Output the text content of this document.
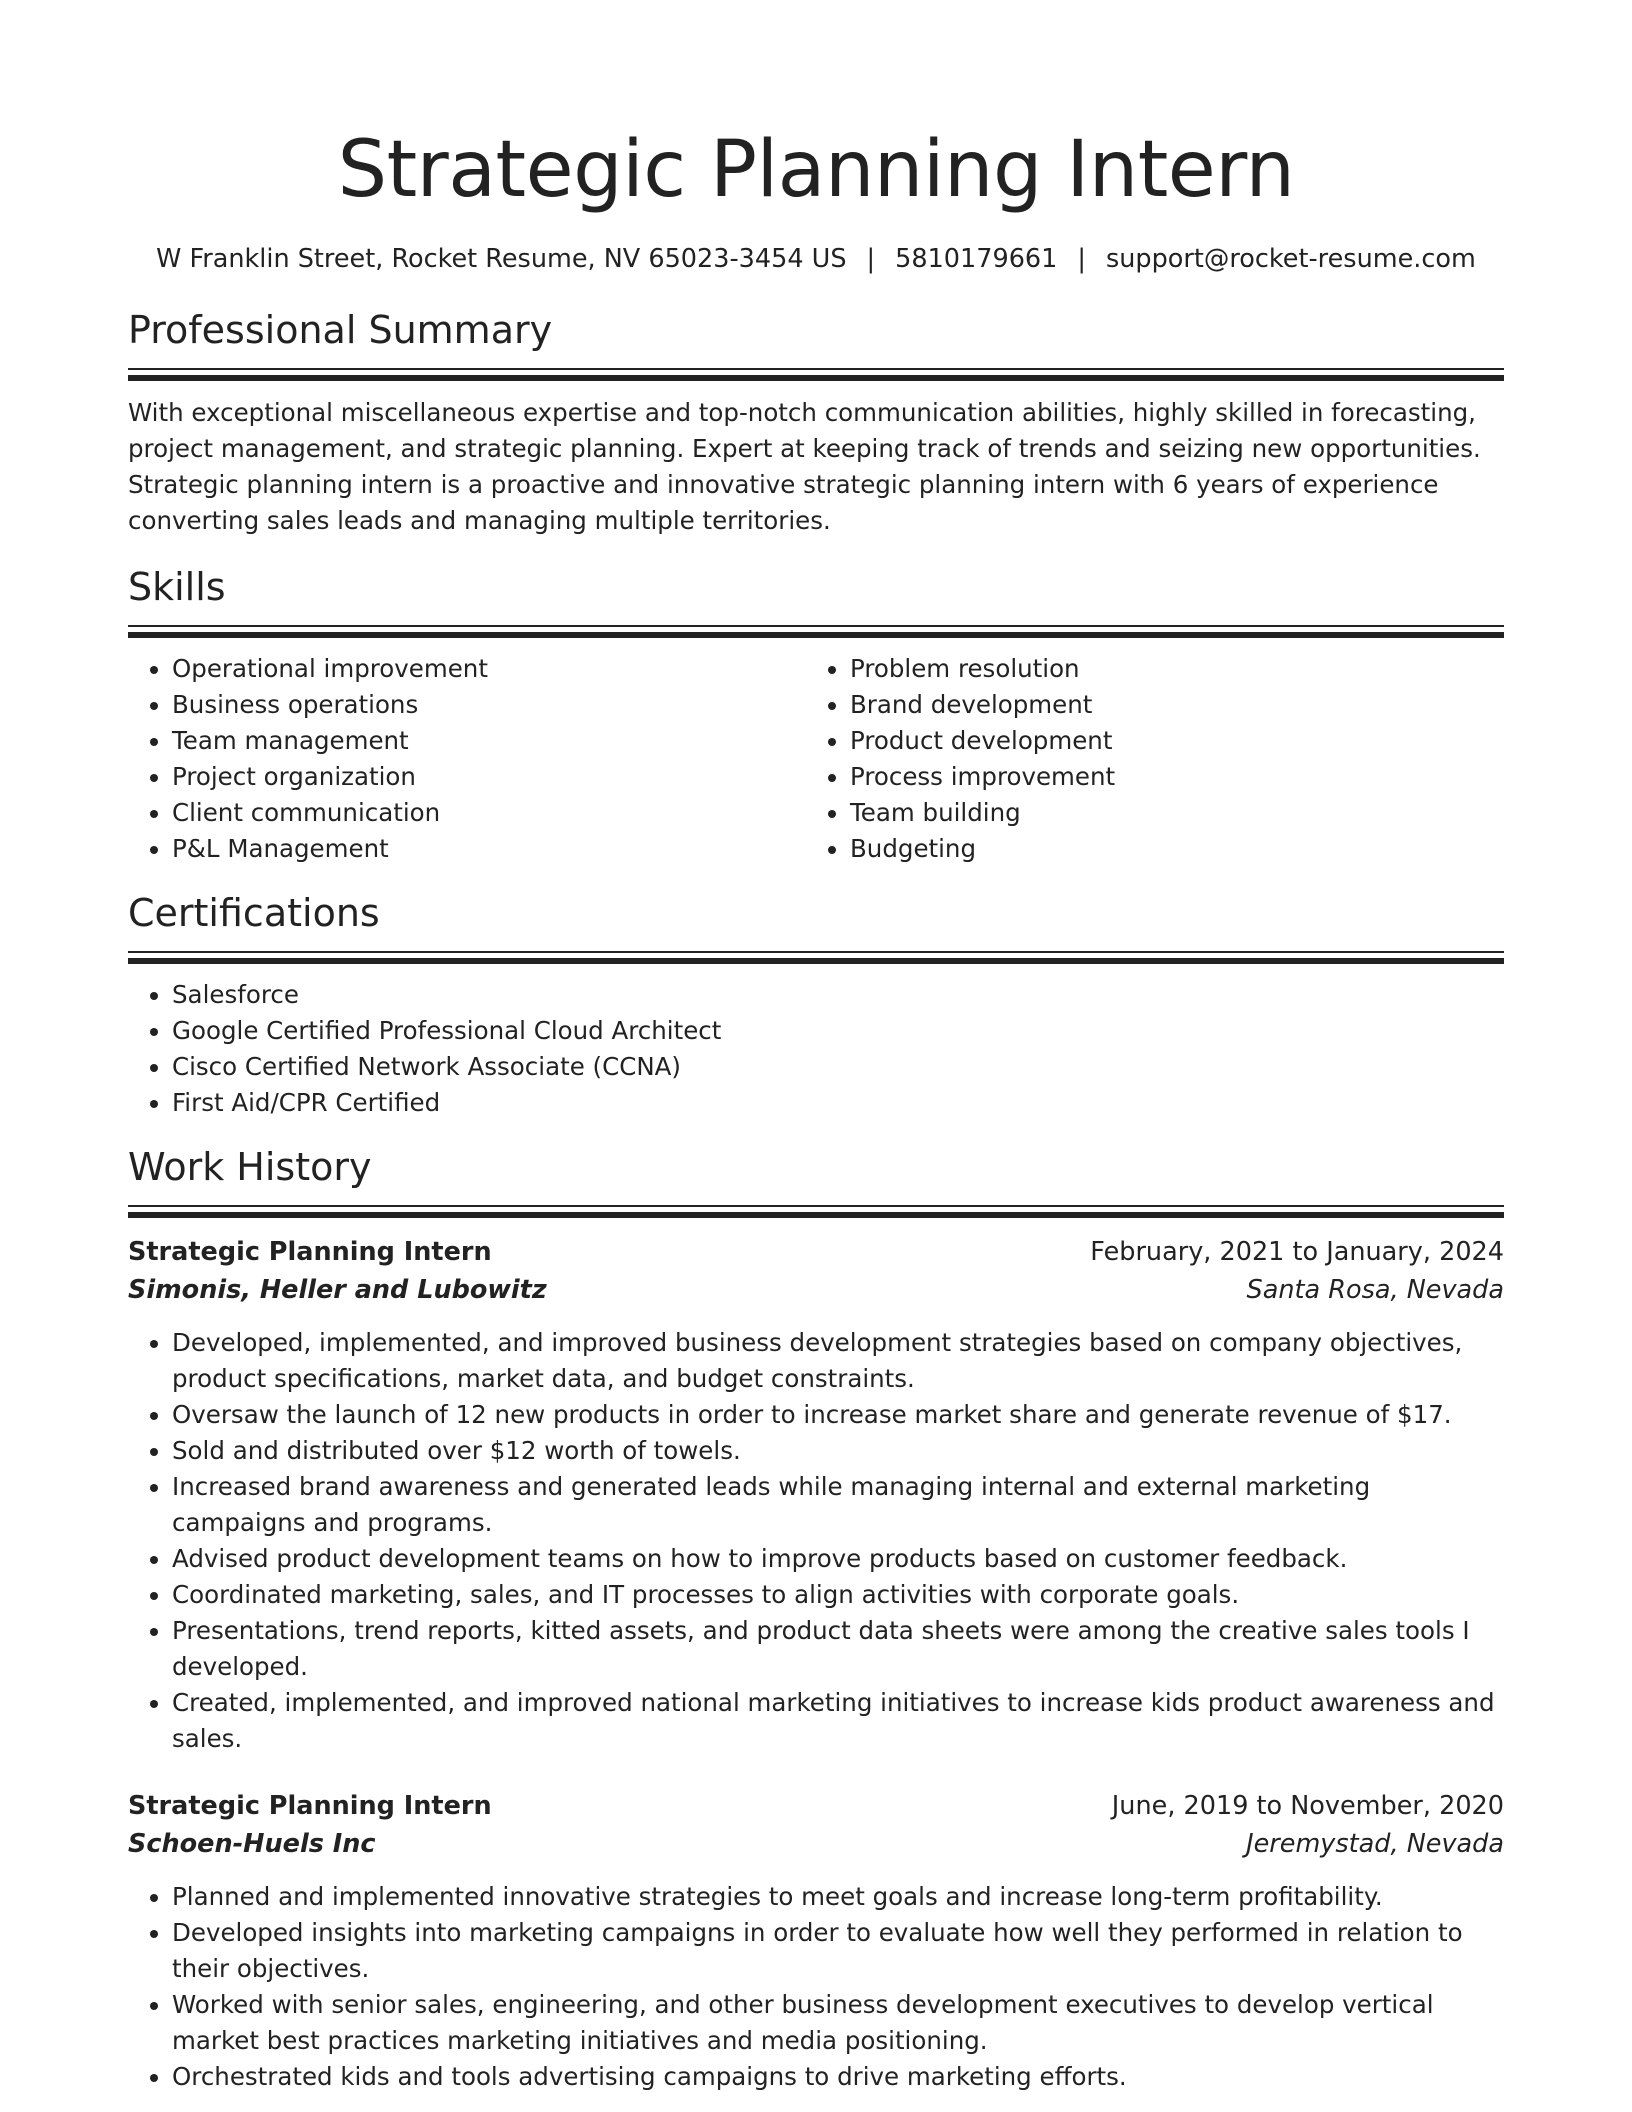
Strategic Planning Intern
W Franklin Street, Rocket Resume, NV 65023-3454 US | 5810179661 | support@rocket-resume.com
Professional Summary
With exceptional miscellaneous expertise and top-notch communication abilities, highly skilled in forecasting, project management, and strategic planning. Expert at keeping track of trends and seizing new opportunities. Strategic planning intern is a proactive and innovative strategic planning intern with 6 years of experience converting sales leads and managing multiple territories.
Skills
• Operational improvement
• Business operations
• Team management
• Project organization
• Client communication
• P&L Management
• Problem resolution
• Brand development
• Product development
• Process improvement
• Team building
• Budgeting
Certifications
• Salesforce
• Google Certified Professional Cloud Architect
• Cisco Certified Network Associate (CCNA)
• First Aid/CPR Certified
Work History
Strategic Planning Intern	February, 2021 to January, 2024
Simonis, Heller and Lubowitz	Santa Rosa, Nevada
• Developed, implemented, and improved business development strategies based on company objectives, product specifications, market data, and budget constraints.
• Oversaw the launch of 12 new products in order to increase market share and generate revenue of $17.
• Sold and distributed over $12 worth of towels.
• Increased brand awareness and generated leads while managing internal and external marketing campaigns and programs.
• Advised product development teams on how to improve products based on customer feedback.
• Coordinated marketing, sales, and IT processes to align activities with corporate goals.
• Presentations, trend reports, kitted assets, and product data sheets were among the creative sales tools I developed.
• Created, implemented, and improved national marketing initiatives to increase kids product awareness and sales.
Strategic Planning Intern	June, 2019 to November, 2020
Schoen-Huels Inc	Jeremystad, Nevada
• Planned and implemented innovative strategies to meet goals and increase long-term profitability.
• Developed insights into marketing campaigns in order to evaluate how well they performed in relation to their objectives.
• Worked with senior sales, engineering, and other business development executives to develop vertical market best practices marketing initiatives and media positioning.
• Orchestrated kids and tools advertising campaigns to drive marketing efforts.
